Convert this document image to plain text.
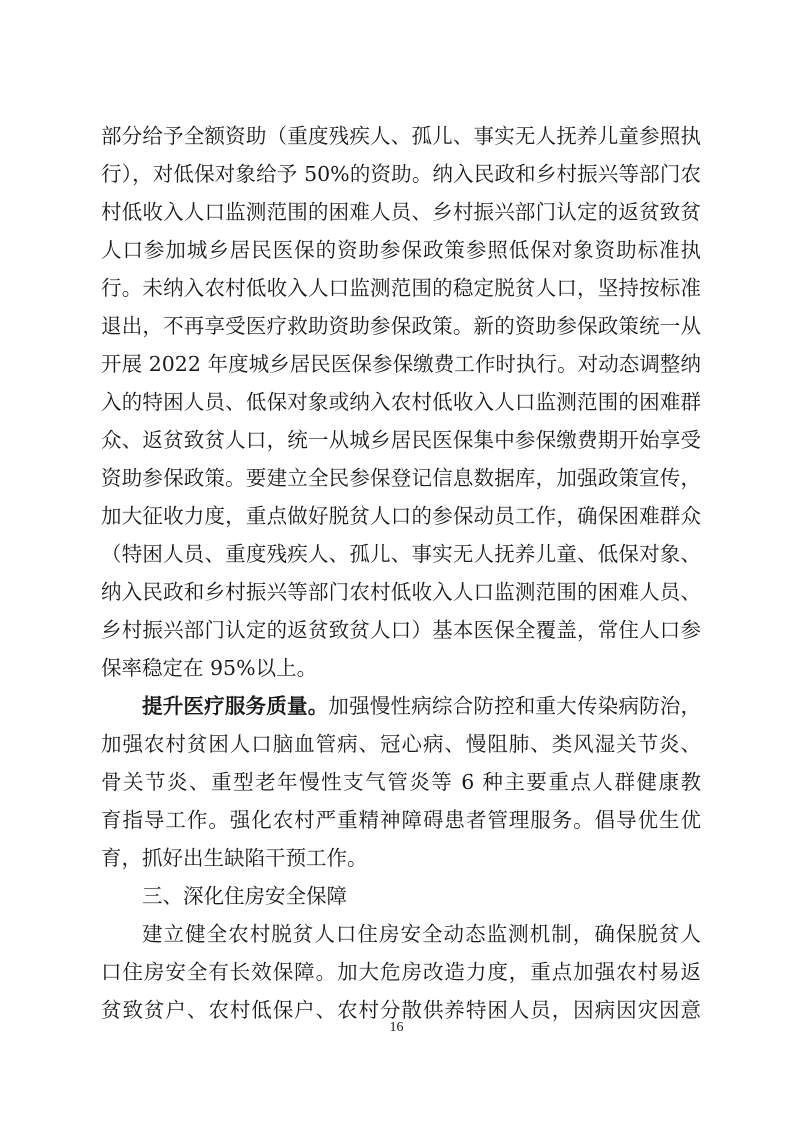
部分给予全额资助（重度残疾人、孤儿、事实无人抚养儿童参照执
行），对低保对象给予 50%的资助。纳入民政和乡村振兴等部门农
村低收入人口监测范围的困难人员、乡村振兴部门认定的返贫致贫
人口参加城乡居民医保的资助参保政策参照低保对象资助标准执
行。未纳入农村低收入人口监测范围的稳定脱贫人口，坚持按标准
退出，不再享受医疗救助资助参保政策。新的资助参保政策统一从
开展 2022 年度城乡居民医保参保缴费工作时执行。对动态调整纳
入的特困人员、低保对象或纳入农村低收入人口监测范围的困难群
众、返贫致贫人口，统一从城乡居民医保集中参保缴费期开始享受
资助参保政策。要建立全民参保登记信息数据库，加强政策宣传，
加大征收力度，重点做好脱贫人口的参保动员工作，确保困难群众
（特困人员、重度残疾人、孤儿、事实无人抚养儿童、低保对象、
纳入民政和乡村振兴等部门农村低收入人口监测范围的困难人员、
乡村振兴部门认定的返贫致贫人口）基本医保全覆盖，常住人口参
保率稳定在 95%以上。
提升医疗服务质量。加强慢性病综合防控和重大传染病防治，
加强农村贫困人口脑血管病、冠心病、慢阻肺、类风湿关节炎、
骨关节炎、重型老年慢性支气管炎等 6 种主要重点人群健康教
育指导工作。强化农村严重精神障碍患者管理服务。倡导优生优
育，抓好出生缺陷干预工作。
三、深化住房安全保障
建立健全农村脱贫人口住房安全动态监测机制，确保脱贫人
口住房安全有长效保障。加大危房改造力度，重点加强农村易返
贫致贫户、农村低保户、农村分散供养特困人员，因病因灾因意
16
